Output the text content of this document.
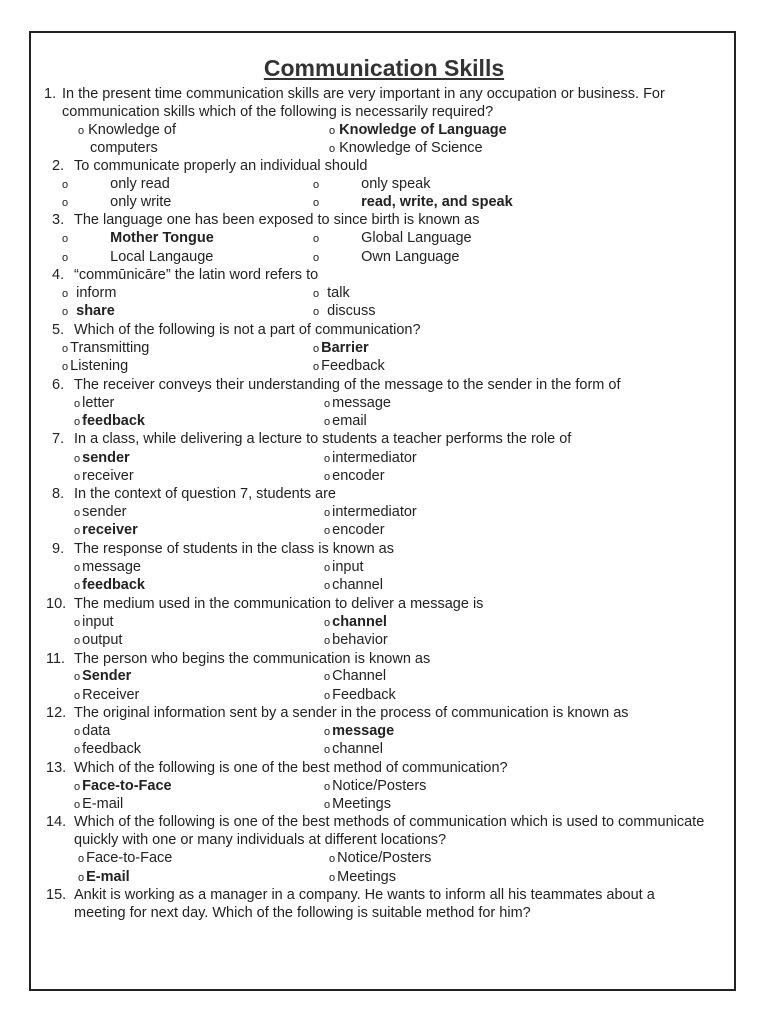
Communication Skills
1. In the present time communication skills are very important in any occupation or business. For
communication skills which of the following is necessarily required?
o Knowledge of	o Knowledge of Language
computers	o Knowledge of Science
2. To communicate properly an individual should
o	only read	o	only speak
o	only write	o	read, write, and speak
3. The language one has been exposed to since birth is known as
o	Mother Tongue	o	Global Language
o	Local Langauge	o	Own Language
4. “commūnicāre” the latin word refers to
o inform	o talk
o share	o discuss
5. Which of the following is not a part of communication?
o Transmitting	o Barrier
o Listening	o Feedback
6. The receiver conveys their understanding of the message to the sender in the form of
o letter	o message
o feedback	o email
7. In a class, while delivering a lecture to students a teacher performs the role of
o sender	o intermediator
o receiver	o encoder
8. In the context of question 7, students are
o sender	o intermediator
o receiver	o encoder
9. The response of students in the class is known as
o message	o input
o feedback	o channel
10. The medium used in the communication to deliver a message is
o input	o channel
o output	o behavior
11. The person who begins the communication is known as
o Sender	o Channel
o Receiver	o Feedback
12. The original information sent by a sender in the process of communication is known as
o data	o message
o feedback	o channel
13. Which of the following is one of the best method of communication?
o Face-to-Face	o Notice/Posters
o E-mail	o Meetings
14. Which of the following is one of the best methods of communication which is used to communicate
quickly with one or many individuals at different locations?
o Face-to-Face	o Notice/Posters
o E-mail	o Meetings
15. Ankit is working as a manager in a company. He wants to inform all his teammates about a
meeting for next day. Which of the following is suitable method for him?
